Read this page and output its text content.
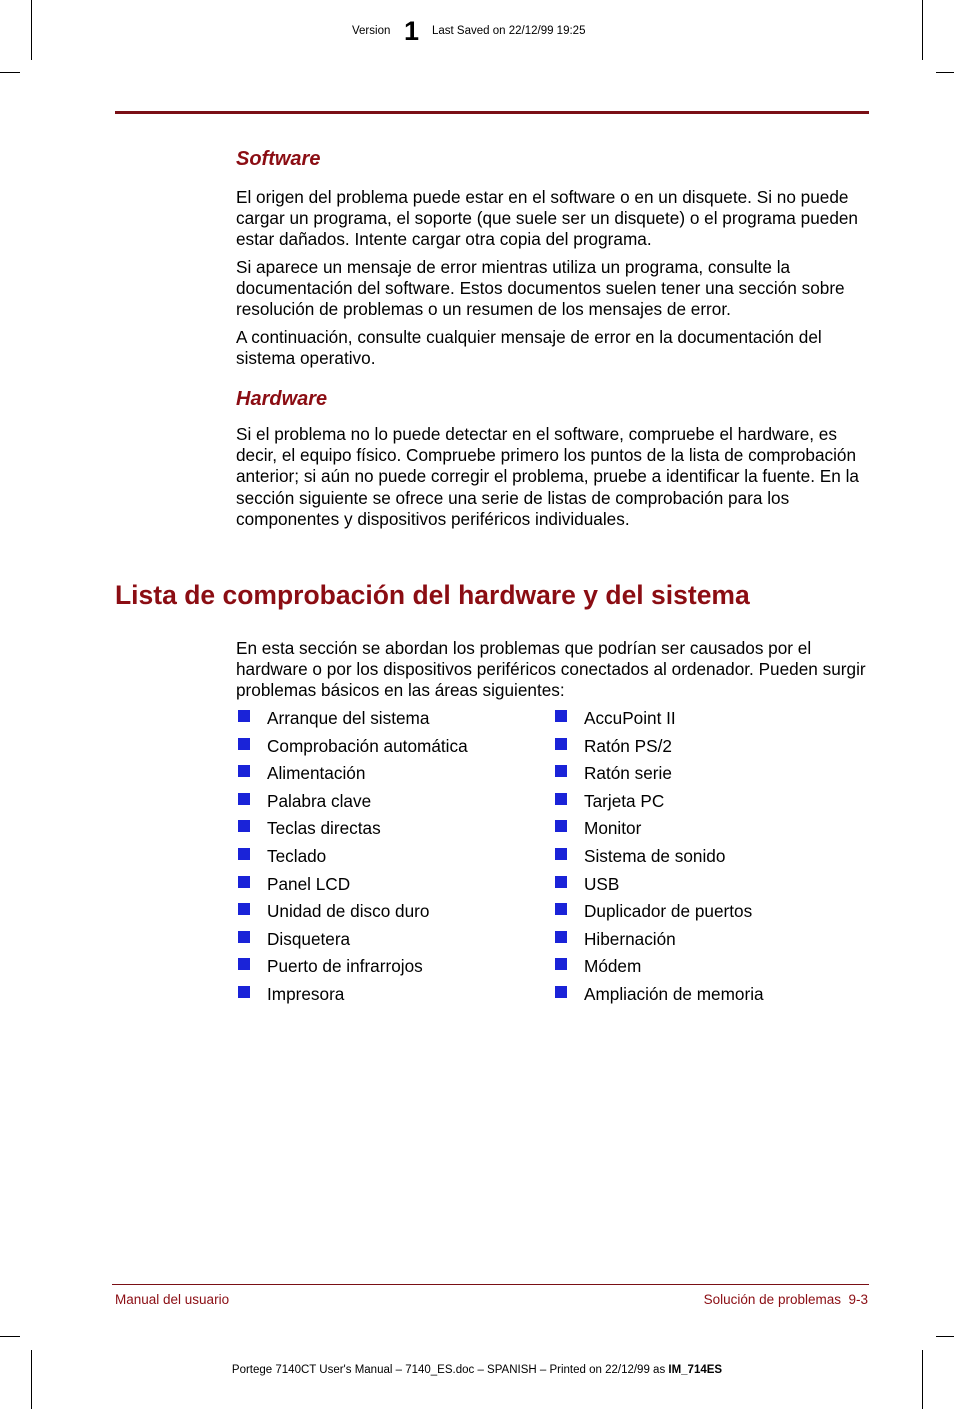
Version 1 Last Saved on 22/12/99 19:25
Software

El origen del problema puede estar en el software o en un disquete. Si no puede cargar un programa, el soporte (que suele ser un disquete) o el programa pueden estar dañados. Intente cargar otra copia del programa.

Si aparece un mensaje de error mientras utiliza un programa, consulte la documentación del software. Estos documentos suelen tener una sección sobre resolución de problemas o un resumen de los mensajes de error.

A continuación, consulte cualquier mensaje de error en la documentación del sistema operativo.

Hardware

Si el problema no lo puede detectar en el software, compruebe el hardware, es decir, el equipo físico. Compruebe primero los puntos de la lista de comprobación anterior; si aún no puede corregir el problema, pruebe a identificar la fuente. En la sección siguiente se ofrece una serie de listas de comprobación para los componentes y dispositivos periféricos individuales.

Lista de comprobación del hardware y del sistema

En esta sección se abordan los problemas que podrían ser causados por el hardware o por los dispositivos periféricos conectados al ordenador. Pueden surgir problemas básicos en las áreas siguientes:

Arranque del sistema
Comprobación automática
Alimentación
Palabra clave
Teclas directas
Teclado
Panel LCD
Unidad de disco duro
Disquetera
Puerto de infrarrojos
Impresora
AccuPoint II
Ratón PS/2
Ratón serie
Tarjeta PC
Monitor
Sistema de sonido
USB
Duplicador de puertos
Hibernación
Módem
Ampliación de memoria
Manual del usuario	Solución de problemas  9-3
Portege 7140CT User's Manual – 7140_ES.doc – SPANISH – Printed on 22/12/99 as IM_714ES
